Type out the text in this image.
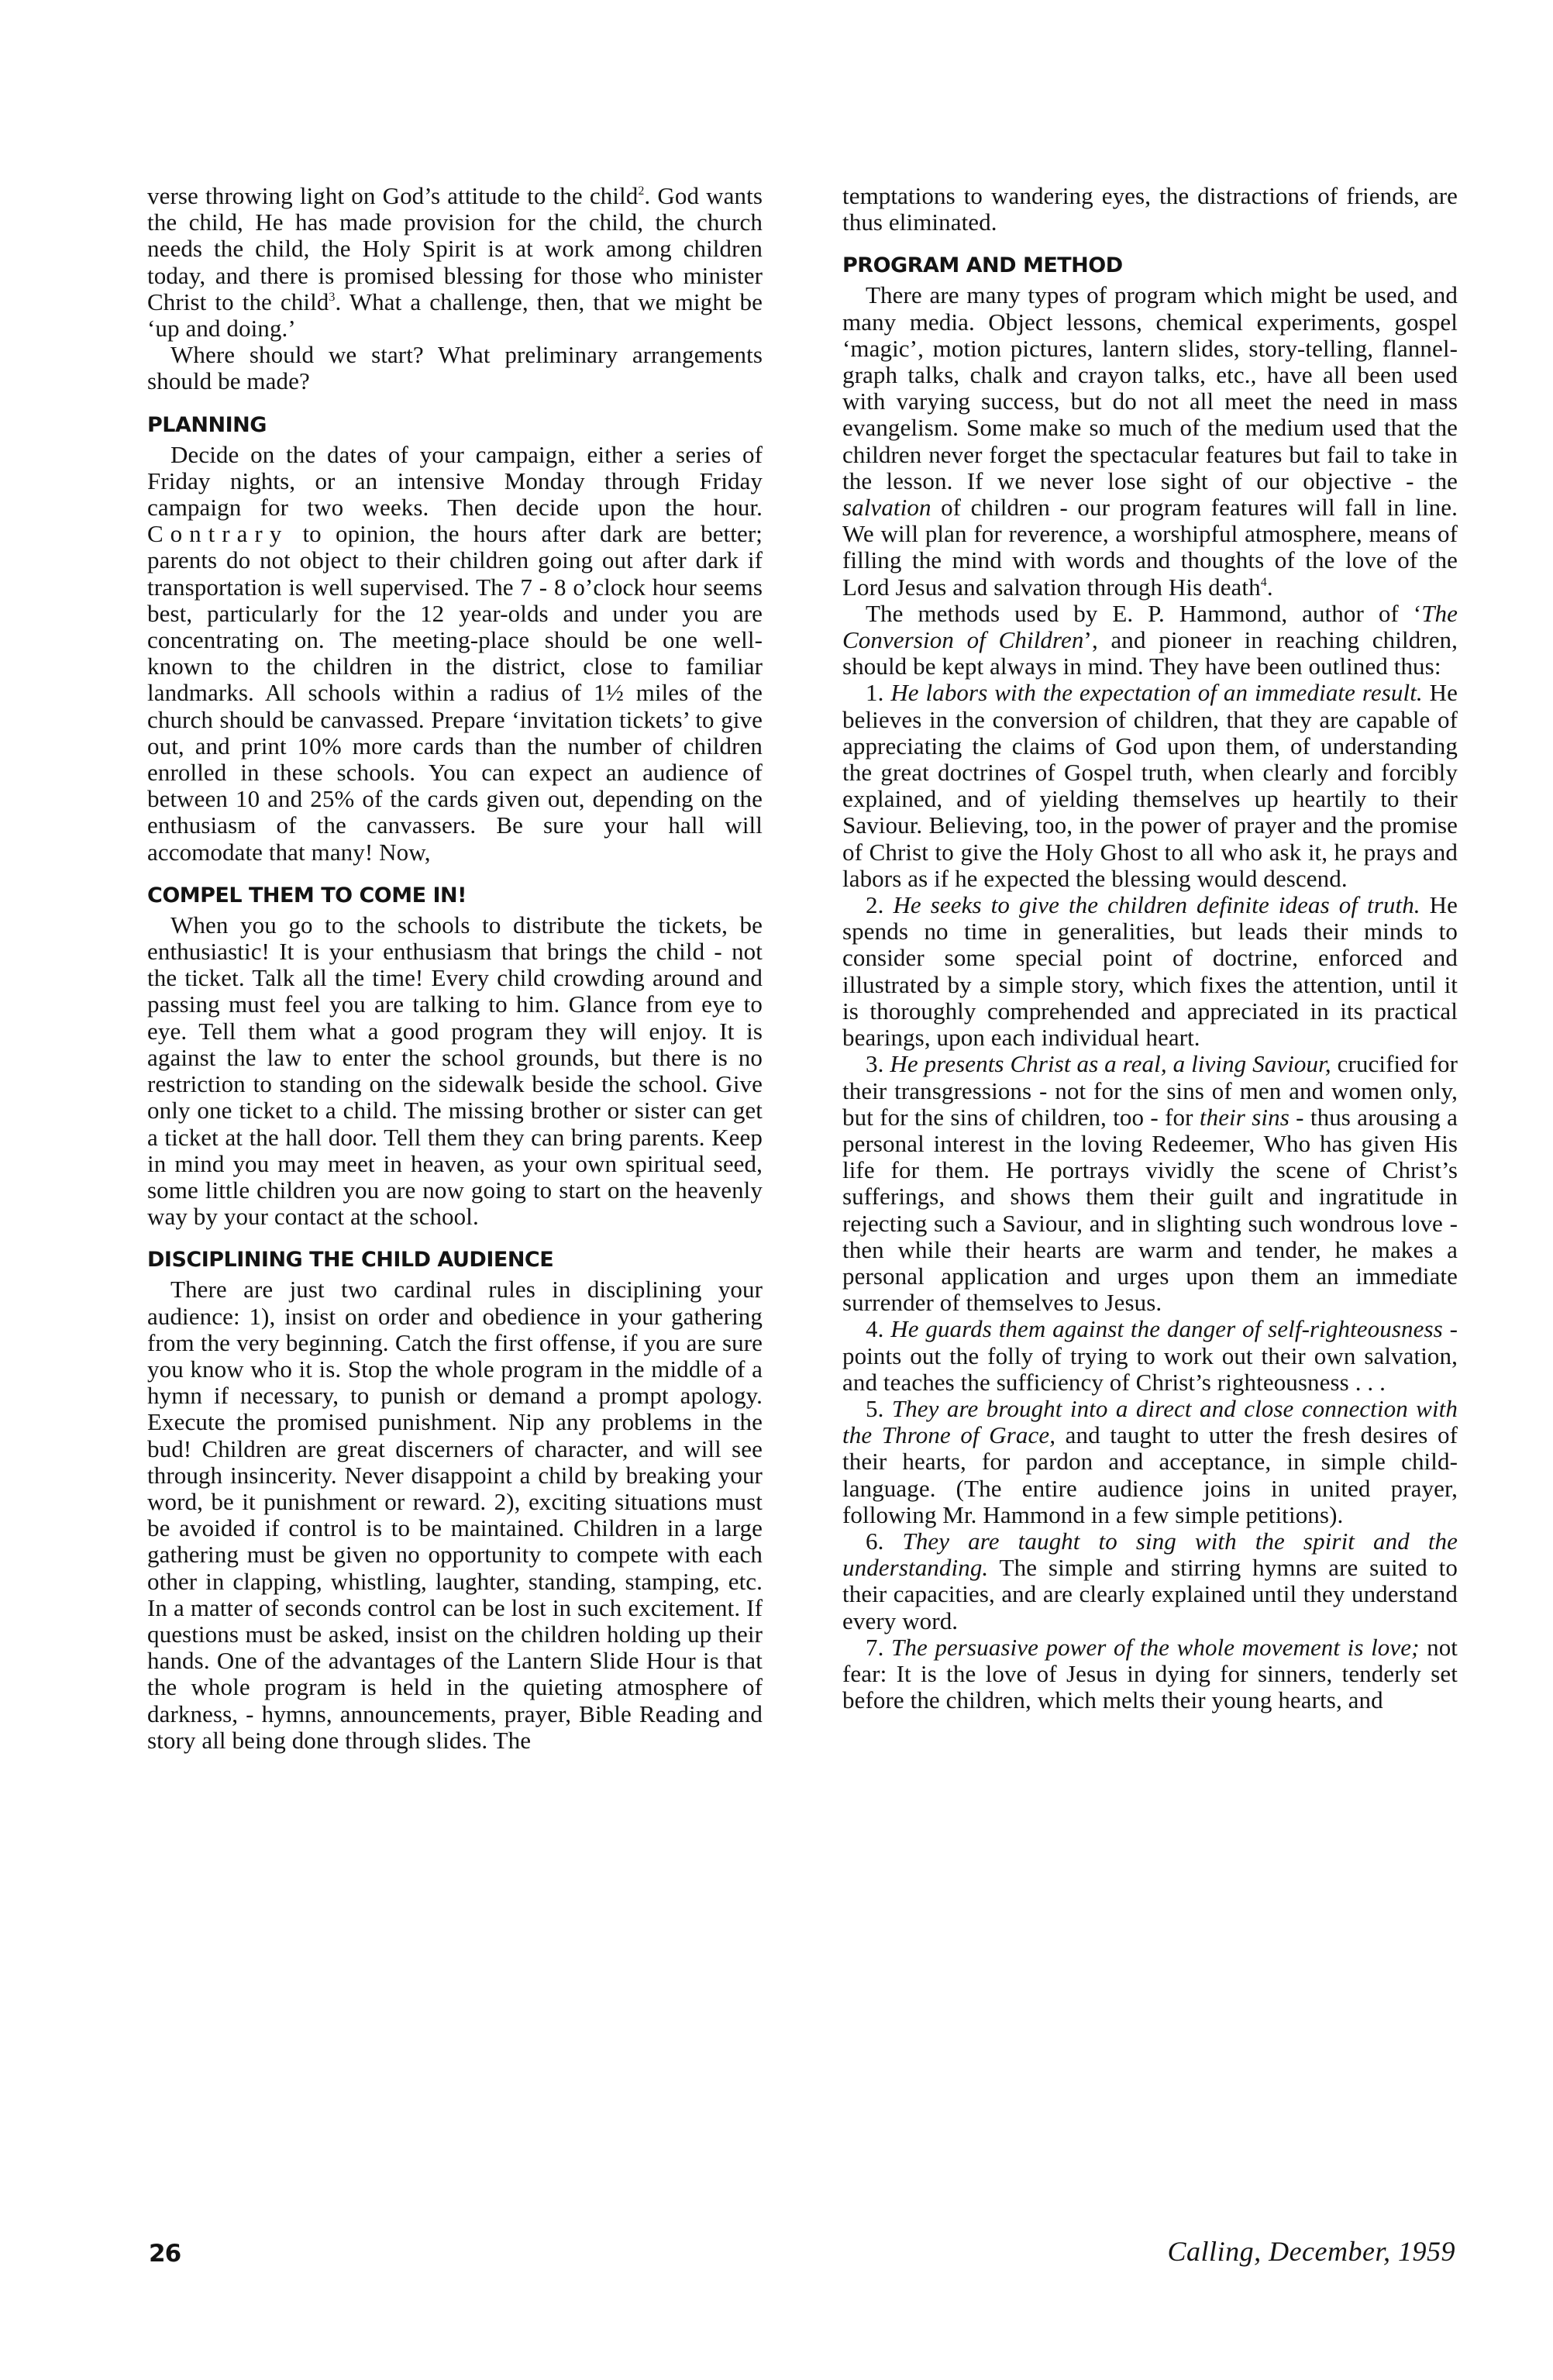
verse throwing light on God’s attitude to the child$^2$. God wants the child, He has made provision for the child, the church needs the child, the Holy Spirit is at work among children today, and there is promised blessing for those who minister Christ to the child$^3$. What a challenge, then, that we might be ‘up and doing.’

Where should we start? What preliminary arrangements should be made?

PLANNING

Decide on the dates of your campaign, either a series of Friday nights, or an intensive Monday through Friday campaign for two weeks. Then decide upon the hour. Contrary to opinion, the hours after dark are better; parents do not object to their children going out after dark if transportation is well supervised. The 7 - 8 o’clock hour seems best, particularly for the 12 year-olds and under you are concentrating on. The meeting-place should be one well-known to the children in the district, close to familiar landmarks. All schools within a radius of 1½ miles of the church should be canvassed. Prepare ‘invitation tickets’ to give out, and print 10% more cards than the number of children enrolled in these schools. You can expect an audience of between 10 and 25% of the cards given out, depending on the enthusiasm of the canvassers. Be sure your hall will accomodate that many! Now,

COMPEL THEM TO COME IN!

When you go to the schools to distribute the tickets, be enthusiastic! It is your enthusiasm that brings the child - not the ticket. Talk all the time! Every child crowding around and passing must feel you are talking to him. Glance from eye to eye. Tell them what a good program they will enjoy. It is against the law to enter the school grounds, but there is no restriction to standing on the sidewalk beside the school. Give only one ticket to a child. The missing brother or sister can get a ticket at the hall door. Tell them they can bring parents. Keep in mind you may meet in heaven, as your own spiritual seed, some little children you are now going to start on the heavenly way by your contact at the school.

DISCIPLINING THE CHILD AUDIENCE

There are just two cardinal rules in disciplining your audience: 1), insist on order and obedience in your gathering from the very beginning. Catch the first offense, if you are sure you know who it is. Stop the whole program in the middle of a hymn if necessary, to punish or demand a prompt apology. Execute the promised punishment. Nip any problems in the bud! Children are great discerners of character, and will see through insincerity. Never disappoint a child by breaking your word, be it punishment or reward. 2), exciting situations must be avoided if control is to be maintained. Children in a large gathering must be given no opportunity to compete with each other in clapping, whistling, laughter, standing, stamping, etc. In a matter of seconds control can be lost in such excitement. If questions must be asked, insist on the children holding up their hands. One of the advantages of the Lantern Slide Hour is that the whole program is held in the quieting atmosphere of darkness, - hymns, announcements, prayer, Bible Reading and story all being done through slides. The

temptations to wandering eyes, the distractions of friends, are thus eliminated.

PROGRAM AND METHOD

There are many types of program which might be used, and many media. Object lessons, chemical experiments, gospel ‘magic’, motion pictures, lantern slides, story-telling, flannel-graph talks, chalk and crayon talks, etc., have all been used with varying success, but do not all meet the need in mass evangelism. Some make so much of the medium used that the children never forget the spectacular features but fail to take in the lesson. If we never lose sight of our objective - the salvation of children - our program features will fall in line. We will plan for reverence, a worshipful atmosphere, means of filling the mind with words and thoughts of the love of the Lord Jesus and salvation through His death$^4$.

The methods used by E. P. Hammond, author of ‘The Conversion of Children’, and pioneer in reaching children, should be kept always in mind. They have been outlined thus:

1. He labors with the expectation of an immediate result. He believes in the conversion of children, that they are capable of appreciating the claims of God upon them, of understanding the great doctrines of Gospel truth, when clearly and forcibly explained, and of yielding themselves up heartily to their Saviour. Believing, too, in the power of prayer and the promise of Christ to give the Holy Ghost to all who ask it, he prays and labors as if he expected the blessing would descend.

2. He seeks to give the children definite ideas of truth. He spends no time in generalities, but leads their minds to consider some special point of doctrine, enforced and illustrated by a simple story, which fixes the attention, until it is thoroughly comprehended and appreciated in its practical bearings, upon each individual heart.

3. He presents Christ as a real, a living Saviour, crucified for their transgressions - not for the sins of men and women only, but for the sins of children, too - for their sins - thus arousing a personal interest in the loving Redeemer, Who has given His life for them. He portrays vividly the scene of Christ’s sufferings, and shows them their guilt and ingratitude in rejecting such a Saviour, and in slighting such wondrous love - then while their hearts are warm and tender, he makes a personal application and urges upon them an immediate surrender of themselves to Jesus.

4. He guards them against the danger of self-righteousness - points out the folly of trying to work out their own salvation, and teaches the sufficiency of Christ’s righteousness . . .

5. They are brought into a direct and close connection with the Throne of Grace, and taught to utter the fresh desires of their hearts, for pardon and acceptance, in simple child-language. (The entire audience joins in united prayer, following Mr. Hammond in a few simple petitions).

6. They are taught to sing with the spirit and the understanding. The simple and stirring hymns are suited to their capacities, and are clearly explained until they understand every word.

7. The persuasive power of the whole movement is love; not fear: It is the love of Jesus in dying for sinners, tenderly set before the children, which melts their young hearts, and

26	Calling, December, 1959
